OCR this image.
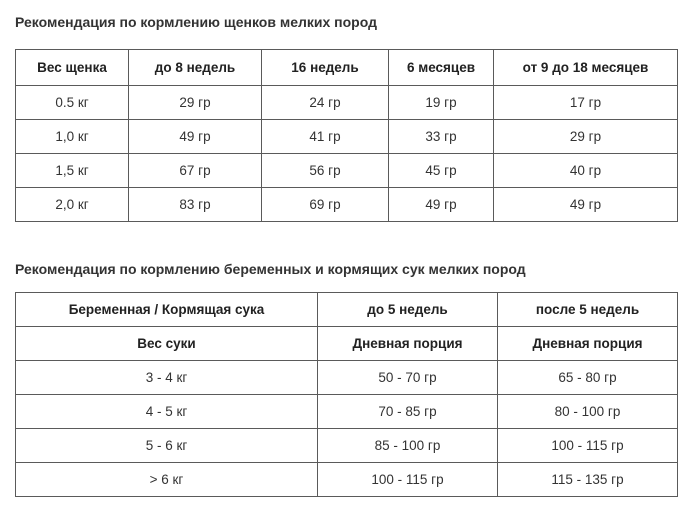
Рекомендация по кормлению щенков мелких пород
Вес щенка	до 8 недель	16 недель	6 месяцев	от 9 до 18 месяцев
0.5 кг	29 гр	24 гр	19 гр	17 гр
1,0 кг	49 гр	41 гр	33 гр	29 гр
1,5 кг	67 гр	56 гр	45 гр	40 гр
2,0 кг	83 гр	69 гр	49 гр	49 гр
Рекомендация по кормлению беременных и кормящих сук мелких пород
Беременная / Кормящая сука	до 5 недель	после 5 недель
Вес суки	Дневная порция	Дневная порция
3 - 4 кг	50 - 70 гр	65 - 80 гр
4 - 5 кг	70 - 85 гр	80 - 100 гр
5 - 6 кг	85 - 100 гр	100 - 115 гр
> 6 кг	100 - 115 гр	115 - 135 гр
